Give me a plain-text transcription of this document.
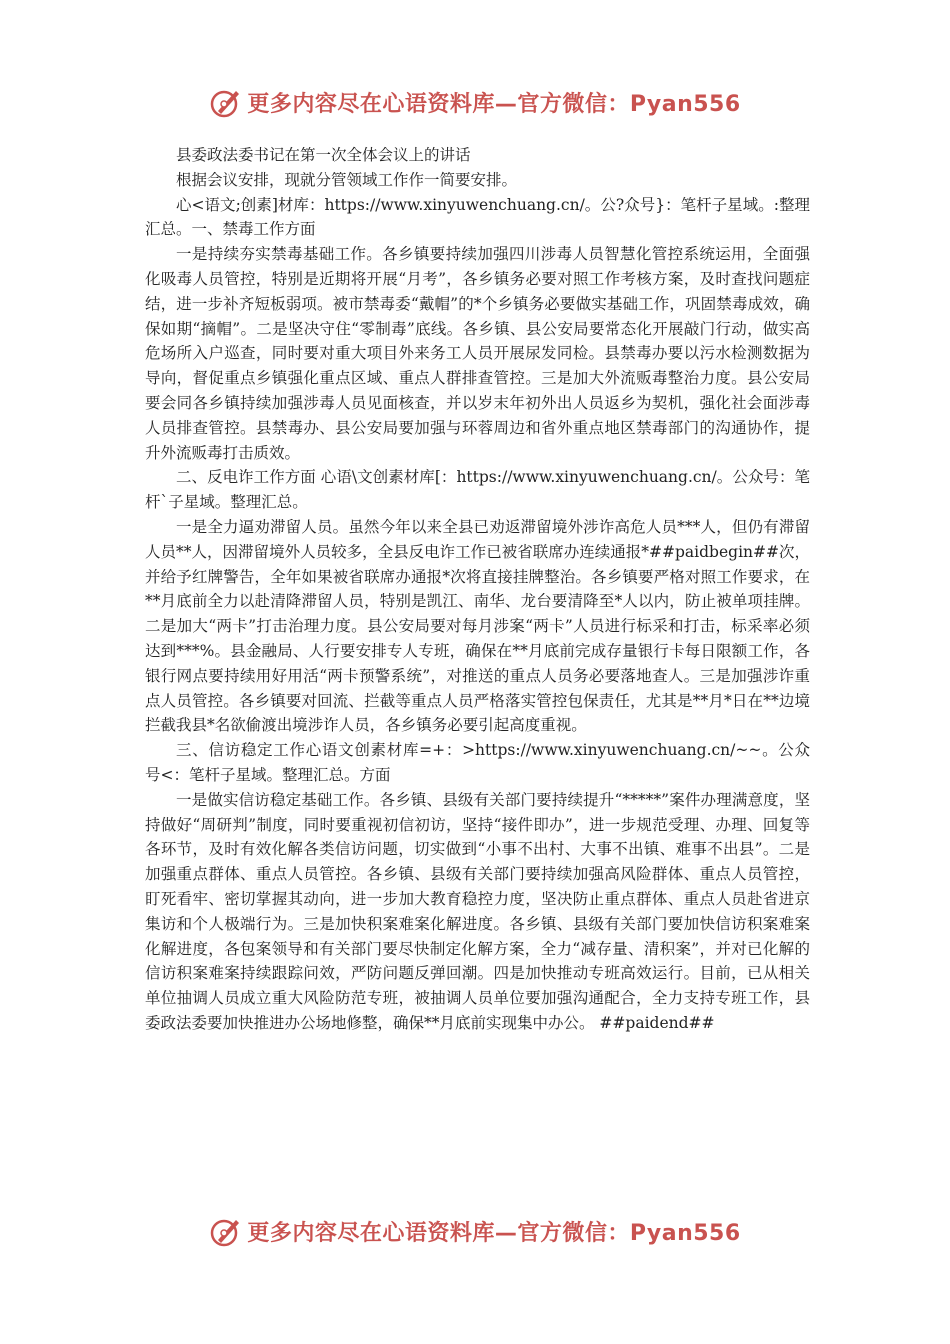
更多内容尽在心语资料库—官方微信：Pyan556

县委政法委书记在第一次全体会议上的讲话

根据会议安排，现就分管领域工作作一简要安排。

心<语文;创素]材库：https://www.xinyuwenchuang.cn/。公?众号}：笔杆子星域。:整理汇总。一、禁毒工作方面

一是持续夯实禁毒基础工作。各乡镇要持续加强四川涉毒人员智慧化管控系统运用，全面强化吸毒人员管控，特别是近期将开展“月考”，各乡镇务必要对照工作考核方案，及时查找问题症结，进一步补齐短板弱项。被市禁毒委“戴帽”的*个乡镇务必要做实基础工作，巩固禁毒成效，确保如期“摘帽”。二是坚决守住“零制毒”底线。各乡镇、县公安局要常态化开展敲门行动，做实高危场所入户巡查，同时要对重大项目外来务工人员开展尿发同检。县禁毒办要以污水检测数据为导向，督促重点乡镇强化重点区域、重点人群排查管控。三是加大外流贩毒整治力度。县公安局要会同各乡镇持续加强涉毒人员见面核查，并以岁末年初外出人员返乡为契机，强化社会面涉毒人员排查管控。县禁毒办、县公安局要加强与环蓉周边和省外重点地区禁毒部门的沟通协作，提升外流贩毒打击质效。

二、反电诈工作方面 心语\文创素材库[：https://www.xinyuwenchuang.cn/。公众号：笔杆`子星域。整理汇总。

一是全力逼劝滞留人员。虽然今年以来全县已劝返滞留境外涉诈高危人员***人，但仍有滞留人员**人，因滞留境外人员较多，全县反电诈工作已被省联席办连续通报*##paidbegin##次，并给予红牌警告，全年如果被省联席办通报*次将直接挂牌整治。各乡镇要严格对照工作要求，在**月底前全力以赴清降滞留人员，特别是凯江、南华、龙台要清降至*人以内，防止被单项挂牌。二是加大“两卡”打击治理力度。县公安局要对每月涉案“两卡”人员进行标采和打击，标采率必须达到***%。县金融局、人行要安排专人专班，确保在**月底前完成存量银行卡每日限额工作，各银行网点要持续用好用活“两卡预警系统”，对推送的重点人员务必要落地查人。三是加强涉诈重点人员管控。各乡镇要对回流、拦截等重点人员严格落实管控包保责任，尤其是**月*日在**边境拦截我县*名欲偷渡出境涉诈人员，各乡镇务必要引起高度重视。

三、信访稳定工作心语文创素材库=+：>https://www.xinyuwenchuang.cn/~~。公众号<：笔杆子星域。整理汇总。方面

一是做实信访稳定基础工作。各乡镇、县级有关部门要持续提升“*****”案件办理满意度，坚持做好“周研判”制度，同时要重视初信初访，坚持“接件即办”，进一步规范受理、办理、回复等各环节，及时有效化解各类信访问题，切实做到“小事不出村、大事不出镇、难事不出县”。二是加强重点群体、重点人员管控。各乡镇、县级有关部门要持续加强高风险群体、重点人员管控，盯死看牢、密切掌握其动向，进一步加大教育稳控力度，坚决防止重点群体、重点人员赴省进京集访和个人极端行为。三是加快积案难案化解进度。各乡镇、县级有关部门要加快信访积案难案化解进度，各包案领导和有关部门要尽快制定化解方案，全力“减存量、清积案”，并对已化解的信访积案难案持续跟踪问效，严防问题反弹回潮。四是加快推动专班高效运行。目前，已从相关单位抽调人员成立重大风险防范专班，被抽调人员单位要加强沟通配合，全力支持专班工作，县委政法委要加快推进办公场地修整，确保**月底前实现集中办公。 ##paidend##

更多内容尽在心语资料库—官方微信：Pyan556
